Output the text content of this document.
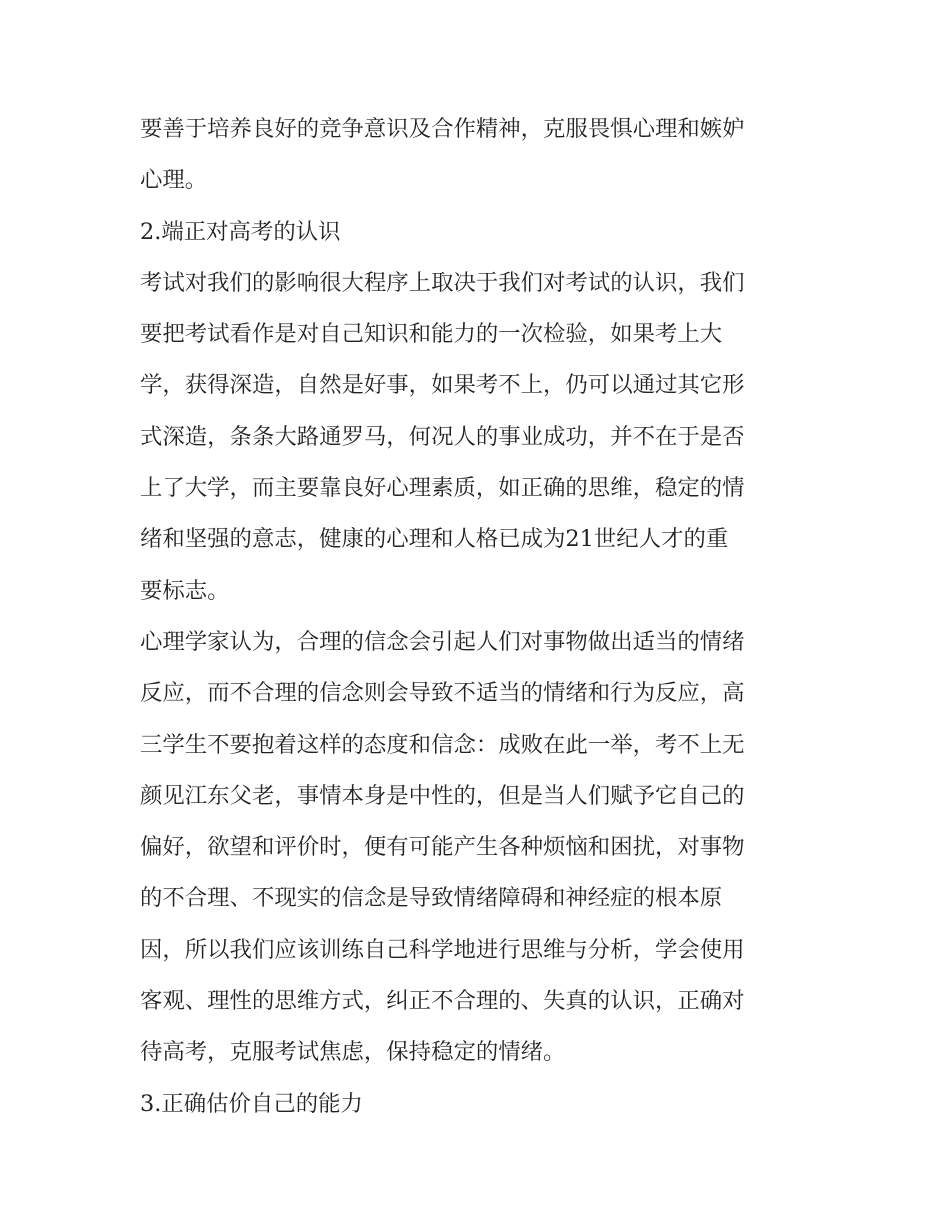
要善于培养良好的竞争意识及合作精神，克服畏惧心理和嫉妒
心理。
2.端正对高考的认识
考试对我们的影响很大程序上取决于我们对考试的认识，我们
要把考试看作是对自己知识和能力的一次检验，如果考上大
学，获得深造，自然是好事，如果考不上，仍可以通过其它形
式深造，条条大路通罗马，何况人的事业成功，并不在于是否
上了大学，而主要靠良好心理素质，如正确的思维，稳定的情
绪和坚强的意志，健康的心理和人格已成为21世纪人才的重
要标志。
心理学家认为，合理的信念会引起人们对事物做出适当的情绪
反应，而不合理的信念则会导致不适当的情绪和行为反应，高
三学生不要抱着这样的态度和信念：成败在此一举，考不上无
颜见江东父老，事情本身是中性的，但是当人们赋予它自己的
偏好，欲望和评价时，便有可能产生各种烦恼和困扰，对事物
的不合理、不现实的信念是导致情绪障碍和神经症的根本原
因，所以我们应该训练自己科学地进行思维与分析，学会使用
客观、理性的思维方式，纠正不合理的、失真的认识，正确对
待高考，克服考试焦虑，保持稳定的情绪。
3.正确估价自己的能力
